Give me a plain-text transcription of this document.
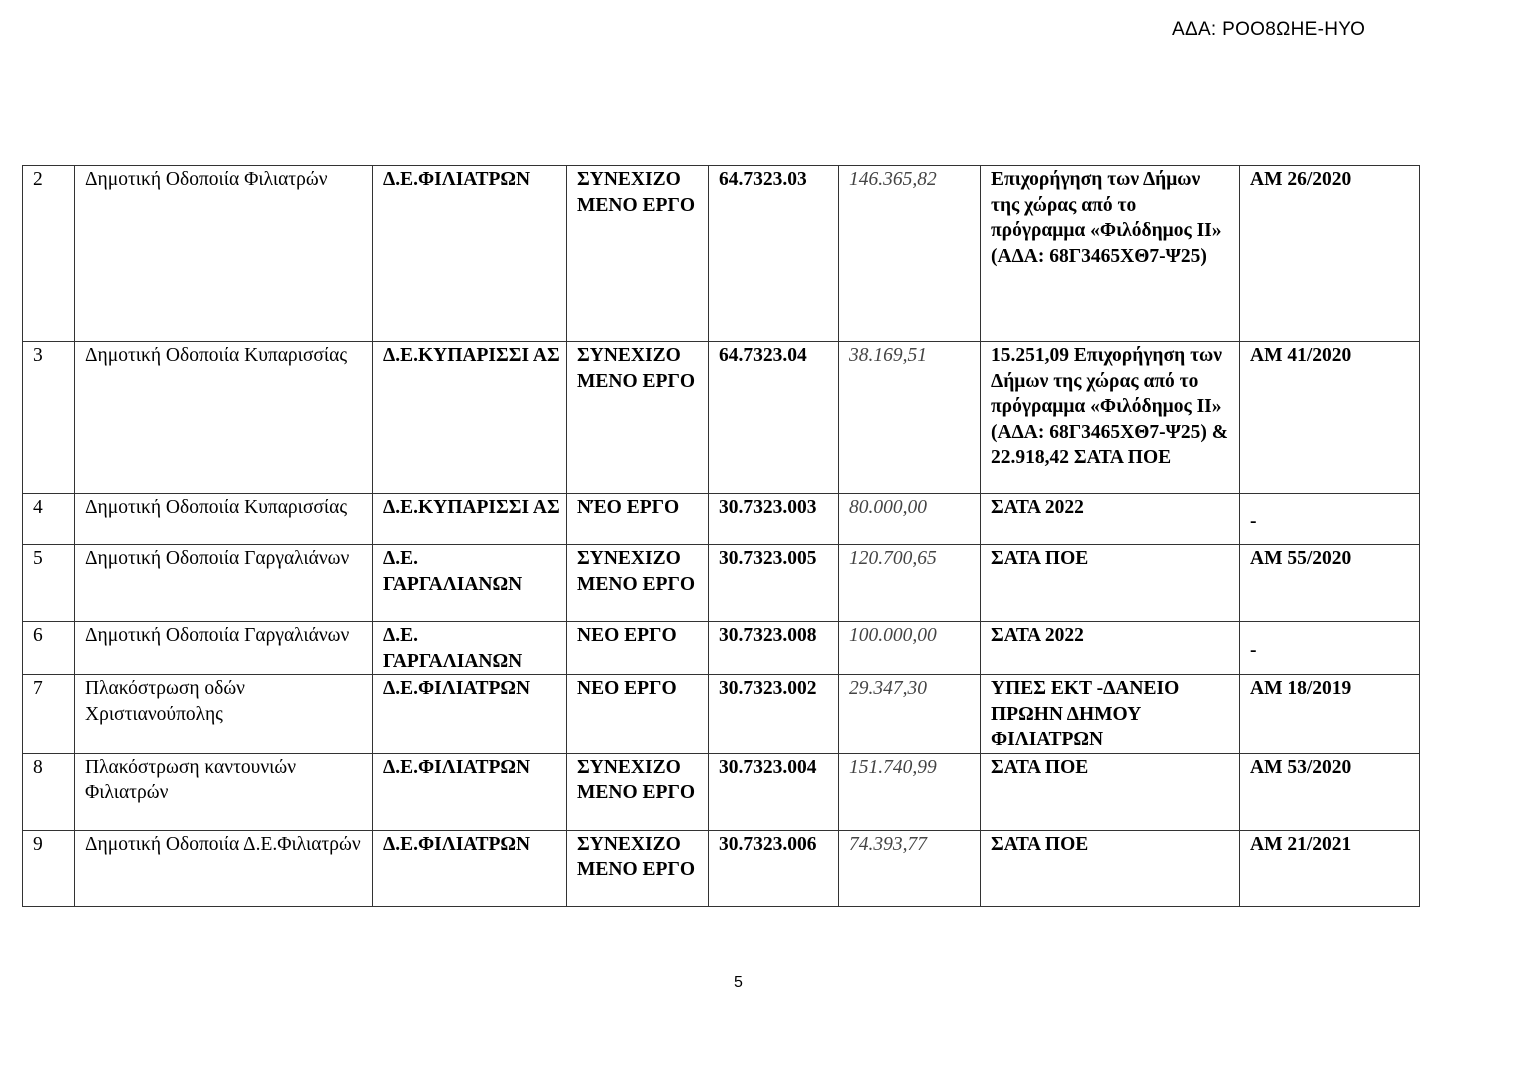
ΑΔΑ: ΡΟΟ8ΩΗΕ-ΗΥΟ
2	Δημοτική Οδοποιία Φιλιατρών	Δ.Ε.ΦΙΛΙΑΤΡΩΝ	ΣΥΝΕΧΙΖΟ ΜΕΝΟ ΕΡΓΟ	64.7323.03	146.365,82	Επιχορήγηση των Δήμων της χώρας από το πρόγραμμα «Φιλόδημος ΙΙ» (ΑΔΑ: 68Γ3465ΧΘ7-Ψ25)	ΑΜ 26/2020
3	Δημοτική Οδοποιία Κυπαρισσίας	Δ.Ε.ΚΥΠΑΡΙΣΣΙ ΑΣ	ΣΥΝΕΧΙΖΟ ΜΕΝΟ ΕΡΓΟ	64.7323.04	38.169,51	15.251,09 Επιχορήγηση των Δήμων της χώρας από το πρόγραμμα «Φιλόδημος ΙΙ» (ΑΔΑ: 68Γ3465ΧΘ7-Ψ25) & 22.918,42 ΣΑΤΑ ΠΟΕ	ΑΜ 41/2020
4	Δημοτική Οδοποιία Κυπαρισσίας	Δ.Ε.ΚΥΠΑΡΙΣΣΙ ΑΣ	ΝΈΟ ΕΡΓΟ	30.7323.003	80.000,00	ΣΑΤΑ 2022	-
5	Δημοτική Οδοποιία Γαργαλιάνων	Δ.Ε. ΓΑΡΓΑΛΙΑΝΩΝ	ΣΥΝΕΧΙΖΟ ΜΕΝΟ ΕΡΓΟ	30.7323.005	120.700,65	ΣΑΤΑ ΠΟΕ	ΑΜ 55/2020
6	Δημοτική Οδοποιία Γαργαλιάνων	Δ.Ε. ΓΑΡΓΑΛΙΑΝΩΝ	ΝΕΟ ΕΡΓΟ	30.7323.008	100.000,00	ΣΑΤΑ 2022	-
7	Πλακόστρωση οδών Χριστιανούπολης	Δ.Ε.ΦΙΛΙΑΤΡΩΝ	ΝΕΟ ΕΡΓΟ	30.7323.002	29.347,30	ΥΠΕΣ ΕΚΤ -ΔΑΝΕΙΟ ΠΡΩΗΝ ΔΗΜΟΥ ΦΙΛΙΑΤΡΩΝ	ΑΜ 18/2019
8	Πλακόστρωση καντουνιών Φιλιατρών	Δ.Ε.ΦΙΛΙΑΤΡΩΝ	ΣΥΝΕΧΙΖΟ ΜΕΝΟ ΕΡΓΟ	30.7323.004	151.740,99	ΣΑΤΑ ΠΟΕ	ΑΜ 53/2020
9	Δημοτική Οδοποιία Δ.Ε.Φιλιατρών	Δ.Ε.ΦΙΛΙΑΤΡΩΝ	ΣΥΝΕΧΙΖΟ ΜΕΝΟ ΕΡΓΟ	30.7323.006	74.393,77	ΣΑΤΑ ΠΟΕ	ΑΜ 21/2021
5
